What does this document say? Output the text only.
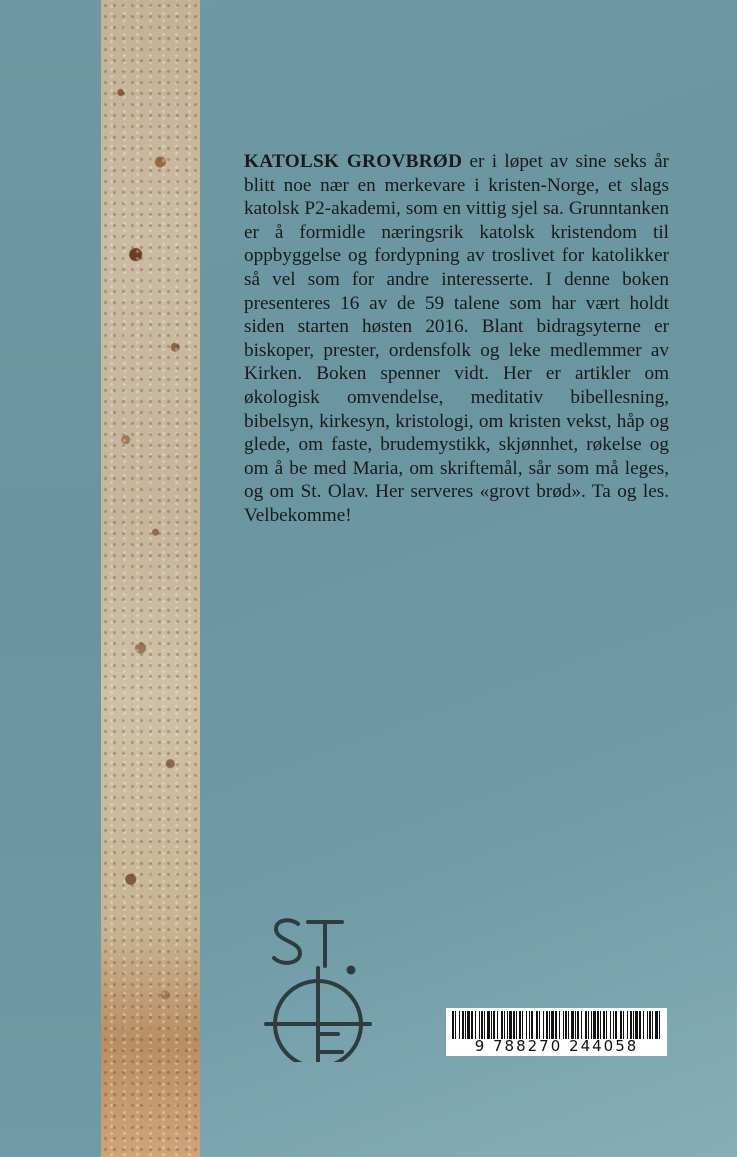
KATOLSK GROVBRØD er i løpet av sine seks år blitt noe nær en merkevare i kristen-Norge, et slags katolsk P2-akademi, som en vittig sjel sa. Grunntanken er å formidle næringsrik katolsk kristendom til oppbyggelse og fordypning av troslivet for katolikker så vel som for andre interesserte. I denne boken presenteres 16 av de 59 talene som har vært holdt siden starten høsten 2016. Blant bidragsyterne er biskoper, prester, ordensfolk og leke medlemmer av Kirken. Boken spenner vidt. Her er artikler om økologisk omvendelse, meditativ bibellesning, bibelsyn, kirkesyn, kristologi, om kristen vekst, håp og glede, om faste, brudemystikk, skjønnhet, røkelse og om å be med Maria, om skriftemål, sår som må leges, og om St. Olav. Her serveres «grovt brød». Ta og les. Velbekomme!

9 788270 244058
